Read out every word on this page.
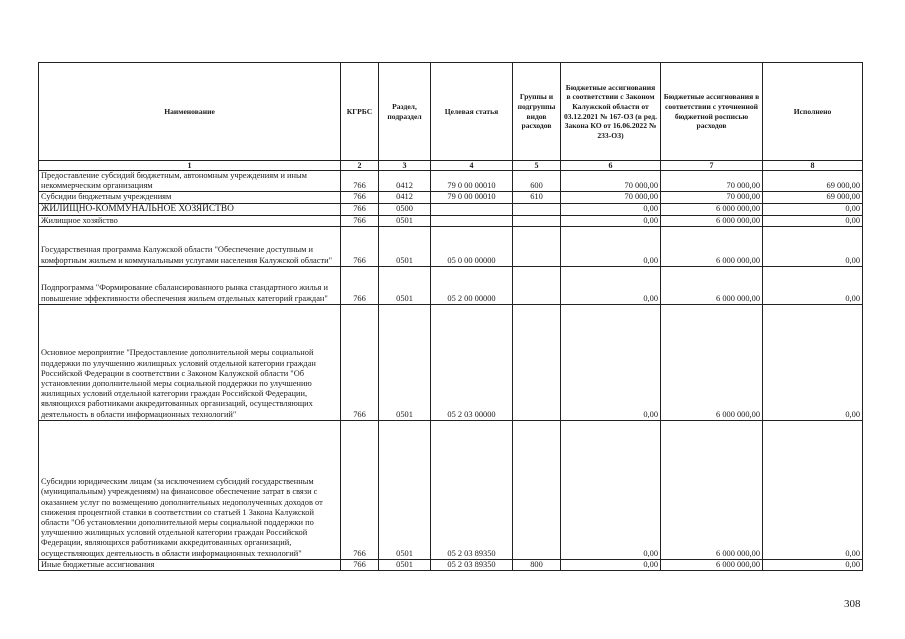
Наименование	КГРБС	Раздел, подраздел	Целевая статья	Группы и подгруппы видов расходов	Бюджетные ассигнования в соответствии с Законом Калужской области от 03.12.2021 № 167-ОЗ (в ред. Закона КО от 16.06.2022 № 233-ОЗ)	Бюджетные ассигнования в соответствии с уточненной бюджетной росписью расходов	Исполнено
1	2	3	4	5	6	7	8
Предоставление субсидий бюджетным, автономным учреждениям и иным некоммерческим организациям	766	0412	79 0 00 00010	600	70 000,00	70 000,00	69 000,00
Субсидии бюджетным учреждениям	766	0412	79 0 00 00010	610	70 000,00	70 000,00	69 000,00
ЖИЛИЩНО-КОММУНАЛЬНОЕ ХОЗЯЙСТВО	766	0500			0,00	6 000 000,00	0,00
Жилищное хозяйство	766	0501			0,00	6 000 000,00	0,00
Государственная программа Калужской области "Обеспечение доступным и комфортным жильем и коммунальными услугами населения Калужской области"	766	0501	05 0 00 00000		0,00	6 000 000,00	0,00
Подпрограмма "Формирование сбалансированного рынка стандартного жилья и повышение эффективности обеспечения жильем отдельных категорий граждан"	766	0501	05 2 00 00000		0,00	6 000 000,00	0,00
Основное мероприятие "Предоставление дополнительной меры социальной поддержки по улучшению жилищных условий отдельной категории граждан Российской Федерации в соответствии с Законом Калужской области "Об установлении дополнительной меры социальной поддержки по улучшению жилищных условий отдельной категории граждан Российской Федерации, являющихся работниками аккредитованных организаций, осуществляющих деятельность в области информационных технологий"	766	0501	05 2 03 00000		0,00	6 000 000,00	0,00
Субсидии юридическим лицам (за исключением субсидий государственным (муниципальным) учреждениям) на финансовое обеспечение затрат в связи с оказанием услуг по возмещению дополнительных недополученных доходов от снижения процентной ставки в соответствии со статьей 1 Закона Калужской области "Об установлении дополнительной меры социальной поддержки по улучшению жилищных условий отдельной категории граждан Российской Федерации, являющихся работниками аккредитованных организаций, осуществляющих деятельность в области информационных технологий"	766	0501	05 2 03 89350		0,00	6 000 000,00	0,00
Иные бюджетные ассигнования	766	0501	05 2 03 89350	800	0,00	6 000 000,00	0,00
308
